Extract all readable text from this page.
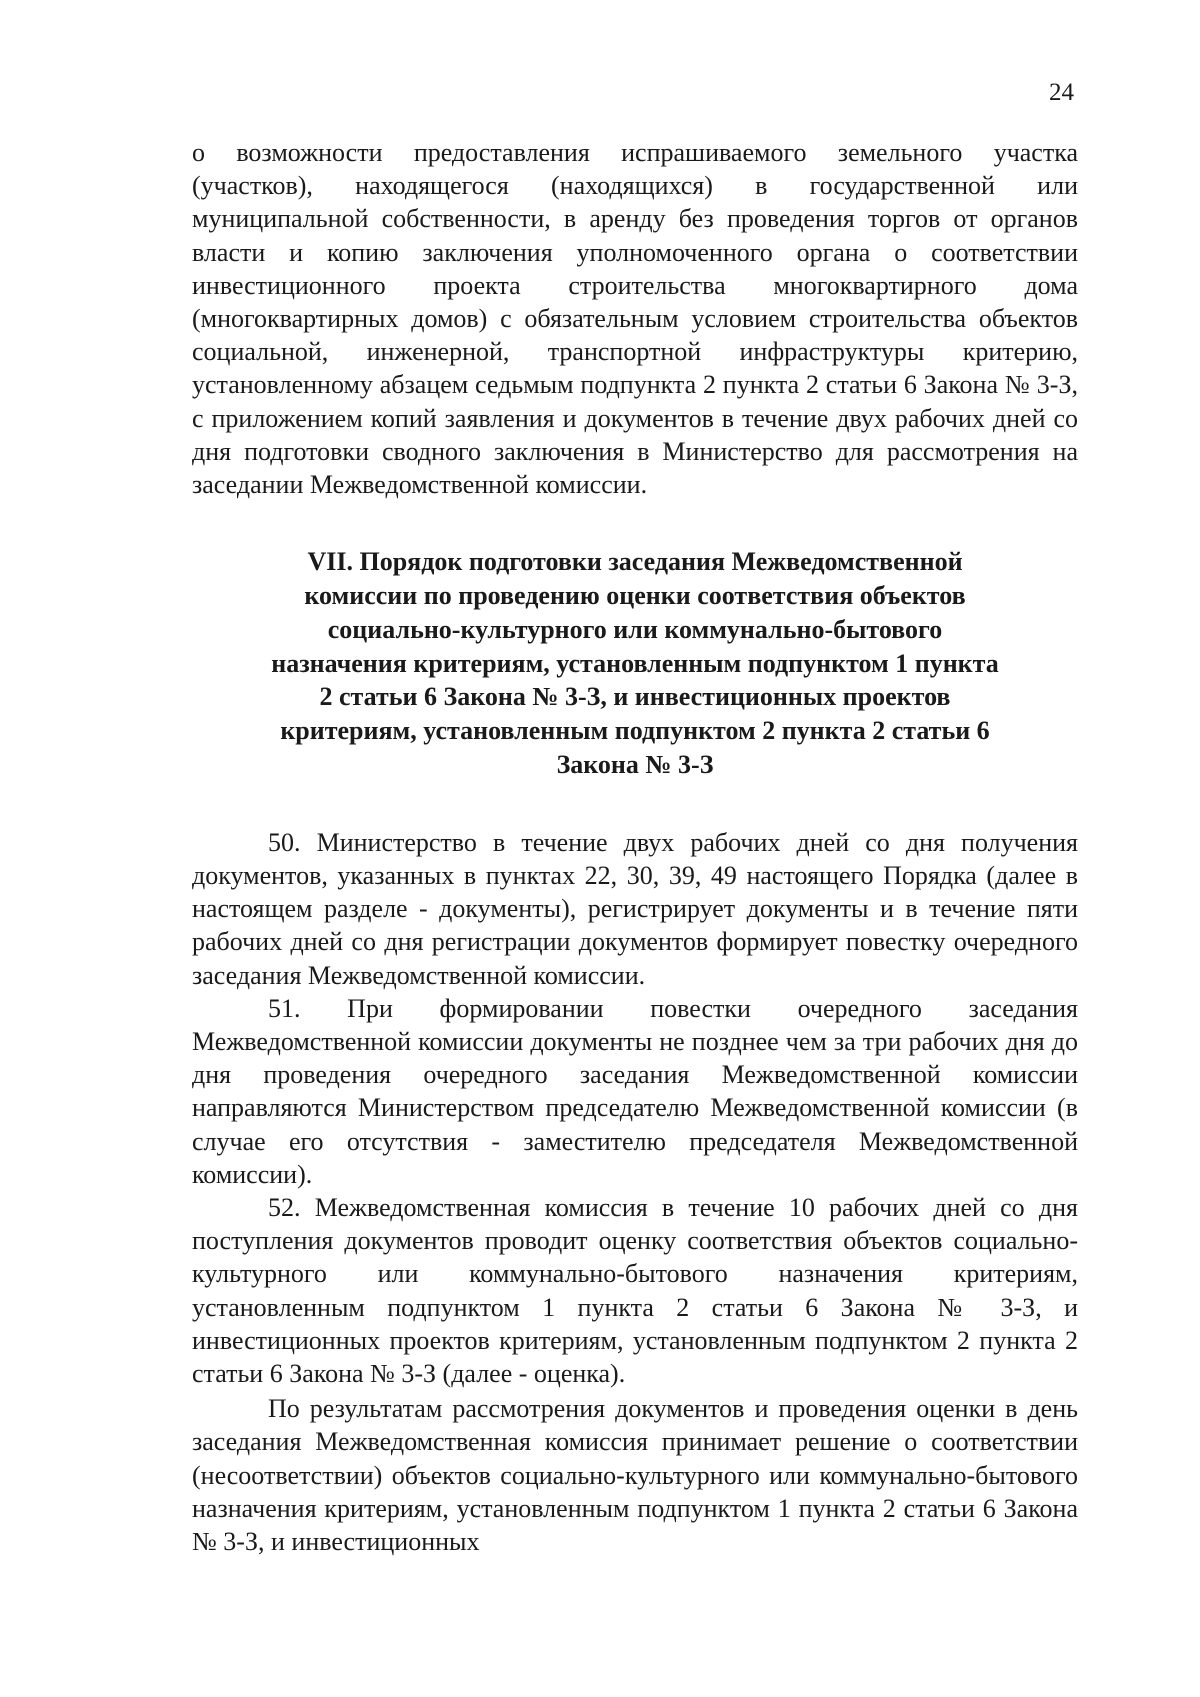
24

о возможности предоставления испрашиваемого земельного участка (участков), находящегося (находящихся) в государственной или муниципальной собственности, в аренду без проведения торгов от органов власти и копию заключения уполномоченного органа о соответствии инвестиционного проекта строительства многоквартирного дома (многоквартирных домов) с обязательным условием строительства объектов социальной, инженерной, транспортной инфраструктуры критерию, установленному абзацем седьмым подпункта 2 пункта 2 статьи 6 Закона № 3-З, с приложением копий заявления и документов в течение двух рабочих дней со дня подготовки сводного заключения в Министерство для рассмотрения на заседании Межведомственной комиссии.

VII. Порядок подготовки заседания Межведомственной комиссии по проведению оценки соответствия объектов социально-культурного или коммунально-бытового назначения критериям, установленным подпунктом 1 пункта 2 статьи 6 Закона № 3-З, и инвестиционных проектов критериям, установленным подпунктом 2 пункта 2 статьи 6 Закона № 3-З

50. Министерство в течение двух рабочих дней со дня получения документов, указанных в пунктах 22, 30, 39, 49 настоящего Порядка (далее в настоящем разделе - документы), регистрирует документы и в течение пяти рабочих дней со дня регистрации документов формирует повестку очередного заседания Межведомственной комиссии.

51. При формировании повестки очередного заседания Межведомственной комиссии документы не позднее чем за три рабочих дня до дня проведения очередного заседания Межведомственной комиссии направляются Министерством председателю Межведомственной комиссии (в случае его отсутствия - заместителю председателя Межведомственной комиссии).

52. Межведомственная комиссия в течение 10 рабочих дней со дня поступления документов проводит оценку соответствия объектов социально-культурного или коммунально-бытового назначения критериям, установленным подпунктом 1 пункта 2 статьи 6 Закона № 3-З, и инвестиционных проектов критериям, установленным подпунктом 2 пункта 2 статьи 6 Закона № 3-З (далее - оценка).

По результатам рассмотрения документов и проведения оценки в день заседания Межведомственная комиссия принимает решение о соответствии (несоответствии) объектов социально-культурного или коммунально-бытового назначения критериям, установленным подпунктом 1 пункта 2 статьи 6 Закона № 3-З, и инвестиционных
